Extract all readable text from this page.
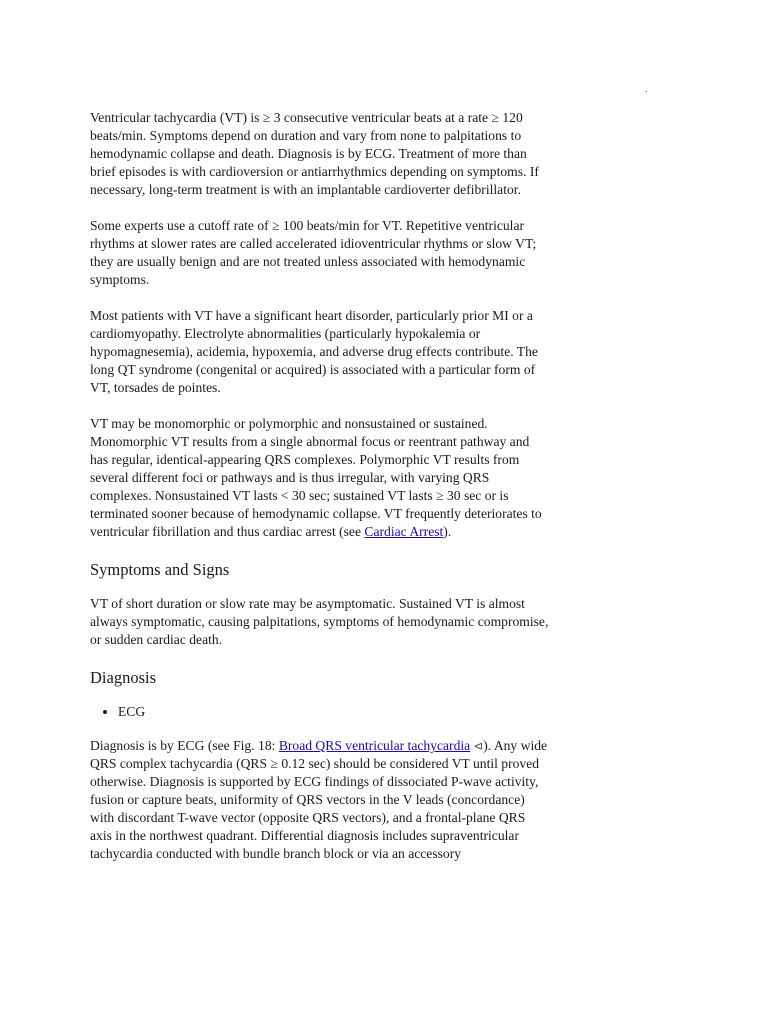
.

Ventricular tachycardia (VT) is ≥ 3 consecutive ventricular beats at a rate ≥ 120 beats/min. Symptoms depend on duration and vary from none to palpitations to hemodynamic collapse and death. Diagnosis is by ECG. Treatment of more than brief episodes is with cardioversion or antiarrhythmics depending on symptoms. If necessary, long-term treatment is with an implantable cardioverter defibrillator.

Some experts use a cutoff rate of ≥ 100 beats/min for VT. Repetitive ventricular rhythms at slower rates are called accelerated idioventricular rhythms or slow VT; they are usually benign and are not treated unless associated with hemodynamic symptoms.

Most patients with VT have a significant heart disorder, particularly prior MI or a cardiomyopathy. Electrolyte abnormalities (particularly hypokalemia or hypomagnesemia), acidemia, hypoxemia, and adverse drug effects contribute. The long QT syndrome (congenital or acquired) is associated with a particular form of VT, torsades de pointes.

VT may be monomorphic or polymorphic and nonsustained or sustained. Monomorphic VT results from a single abnormal focus or reentrant pathway and has regular, identical-appearing QRS complexes. Polymorphic VT results from several different foci or pathways and is thus irregular, with varying QRS complexes. Nonsustained VT lasts < 30 sec; sustained VT lasts ≥ 30 sec or is terminated sooner because of hemodynamic collapse. VT frequently deteriorates to ventricular fibrillation and thus cardiac arrest (see Cardiac Arrest).

Symptoms and Signs

VT of short duration or slow rate may be asymptomatic. Sustained VT is almost always symptomatic, causing palpitations, symptoms of hemodynamic compromise, or sudden cardiac death.

Diagnosis
• ECG

Diagnosis is by ECG (see Fig. 18: Broad QRS ventricular tachycardia ⊲). Any wide QRS complex tachycardia (QRS ≥ 0.12 sec) should be considered VT until proved otherwise. Diagnosis is supported by ECG findings of dissociated P-wave activity, fusion or capture beats, uniformity of QRS vectors in the V leads (concordance) with discordant T-wave vector (opposite QRS vectors), and a frontal-plane QRS axis in the northwest quadrant. Differential diagnosis includes supraventricular tachycardia conducted with bundle branch block or via an accessory
